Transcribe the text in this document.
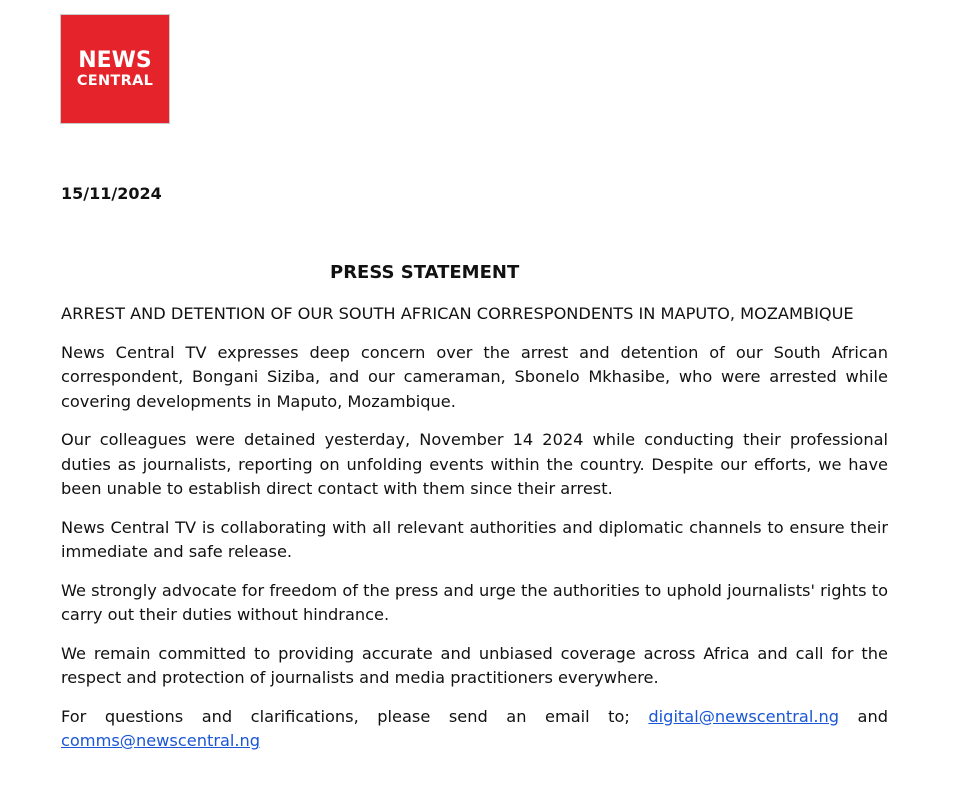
NEWS
CENTRAL
15/11/2024
PRESS STATEMENT

ARREST AND DETENTION OF OUR SOUTH AFRICAN CORRESPONDENTS IN MAPUTO, MOZAMBIQUE

News Central TV expresses deep concern over the arrest and detention of our South African correspondent, Bongani Siziba, and our cameraman, Sbonelo Mkhasibe, who were arrested while covering developments in Maputo, Mozambique.

Our colleagues were detained yesterday, November 14 2024 while conducting their professional duties as journalists, reporting on unfolding events within the country. Despite our efforts, we have been unable to establish direct contact with them since their arrest.

News Central TV is collaborating with all relevant authorities and diplomatic channels to ensure their immediate and safe release.

We strongly advocate for freedom of the press and urge the authorities to uphold journalists' rights to carry out their duties without hindrance.

We remain committed to providing accurate and unbiased coverage across Africa and call for the respect and protection of journalists and media practitioners everywhere.

For questions and clarifications, please send an email to; digital@newscentral.ng and comms@newscentral.ng
